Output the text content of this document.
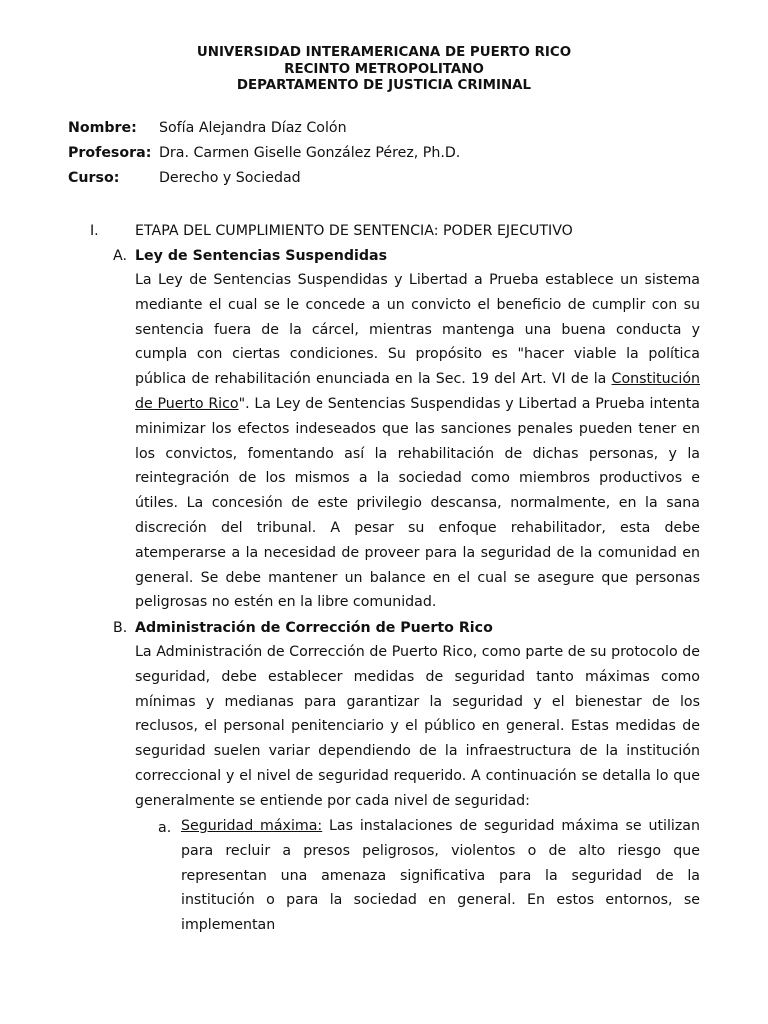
UNIVERSIDAD INTERAMERICANA DE PUERTO RICO
RECINTO METROPOLITANO
DEPARTAMENTO DE JUSTICIA CRIMINAL
Nombre: Sofía Alejandra Díaz Colón
Profesora: Dra. Carmen Giselle González Pérez, Ph.D.
Curso:	Derecho y Sociedad
I.	ETAPA DEL CUMPLIMIENTO DE SENTENCIA: PODER EJECUTIVO
A. Ley de Sentencias Suspendidas

La Ley de Sentencias Suspendidas y Libertad a Prueba establece un sistema mediante el cual se le concede a un convicto el beneficio de cumplir con su sentencia fuera de la cárcel, mientras mantenga una buena conducta y cumpla con ciertas condiciones. Su propósito es "hacer viable la política pública de rehabilitación enunciada en la Sec. 19 del Art. VI de la Constitución de Puerto Rico". La Ley de Sentencias Suspendidas y Libertad a Prueba intenta minimizar los efectos indeseados que las sanciones penales pueden tener en los convictos, fomentando así la rehabilitación de dichas personas, y la reintegración de los mismos a la sociedad como miembros productivos e útiles. La concesión de este privilegio descansa, normalmente, en la sana discreción del tribunal. A pesar su enfoque rehabilitador, esta debe atemperarse a la necesidad de proveer para la seguridad de la comunidad en general. Se debe mantener un balance en el cual se asegure que personas peligrosas no estén en la libre comunidad.

B. Administración de Corrección de Puerto Rico

La Administración de Corrección de Puerto Rico, como parte de su protocolo de seguridad, debe establecer medidas de seguridad tanto máximas como mínimas y medianas para garantizar la seguridad y el bienestar de los reclusos, el personal penitenciario y el público en general. Estas medidas de seguridad suelen variar dependiendo de la infraestructura de la institución correccional y el nivel de seguridad requerido. A continuación se detalla lo que generalmente se entiende por cada nivel de seguridad:

a. Seguridad máxima: Las instalaciones de seguridad máxima se utilizan para recluir a presos peligrosos, violentos o de alto riesgo que representan una amenaza significativa para la seguridad de la institución o para la sociedad en general. En estos entornos, se implementan
